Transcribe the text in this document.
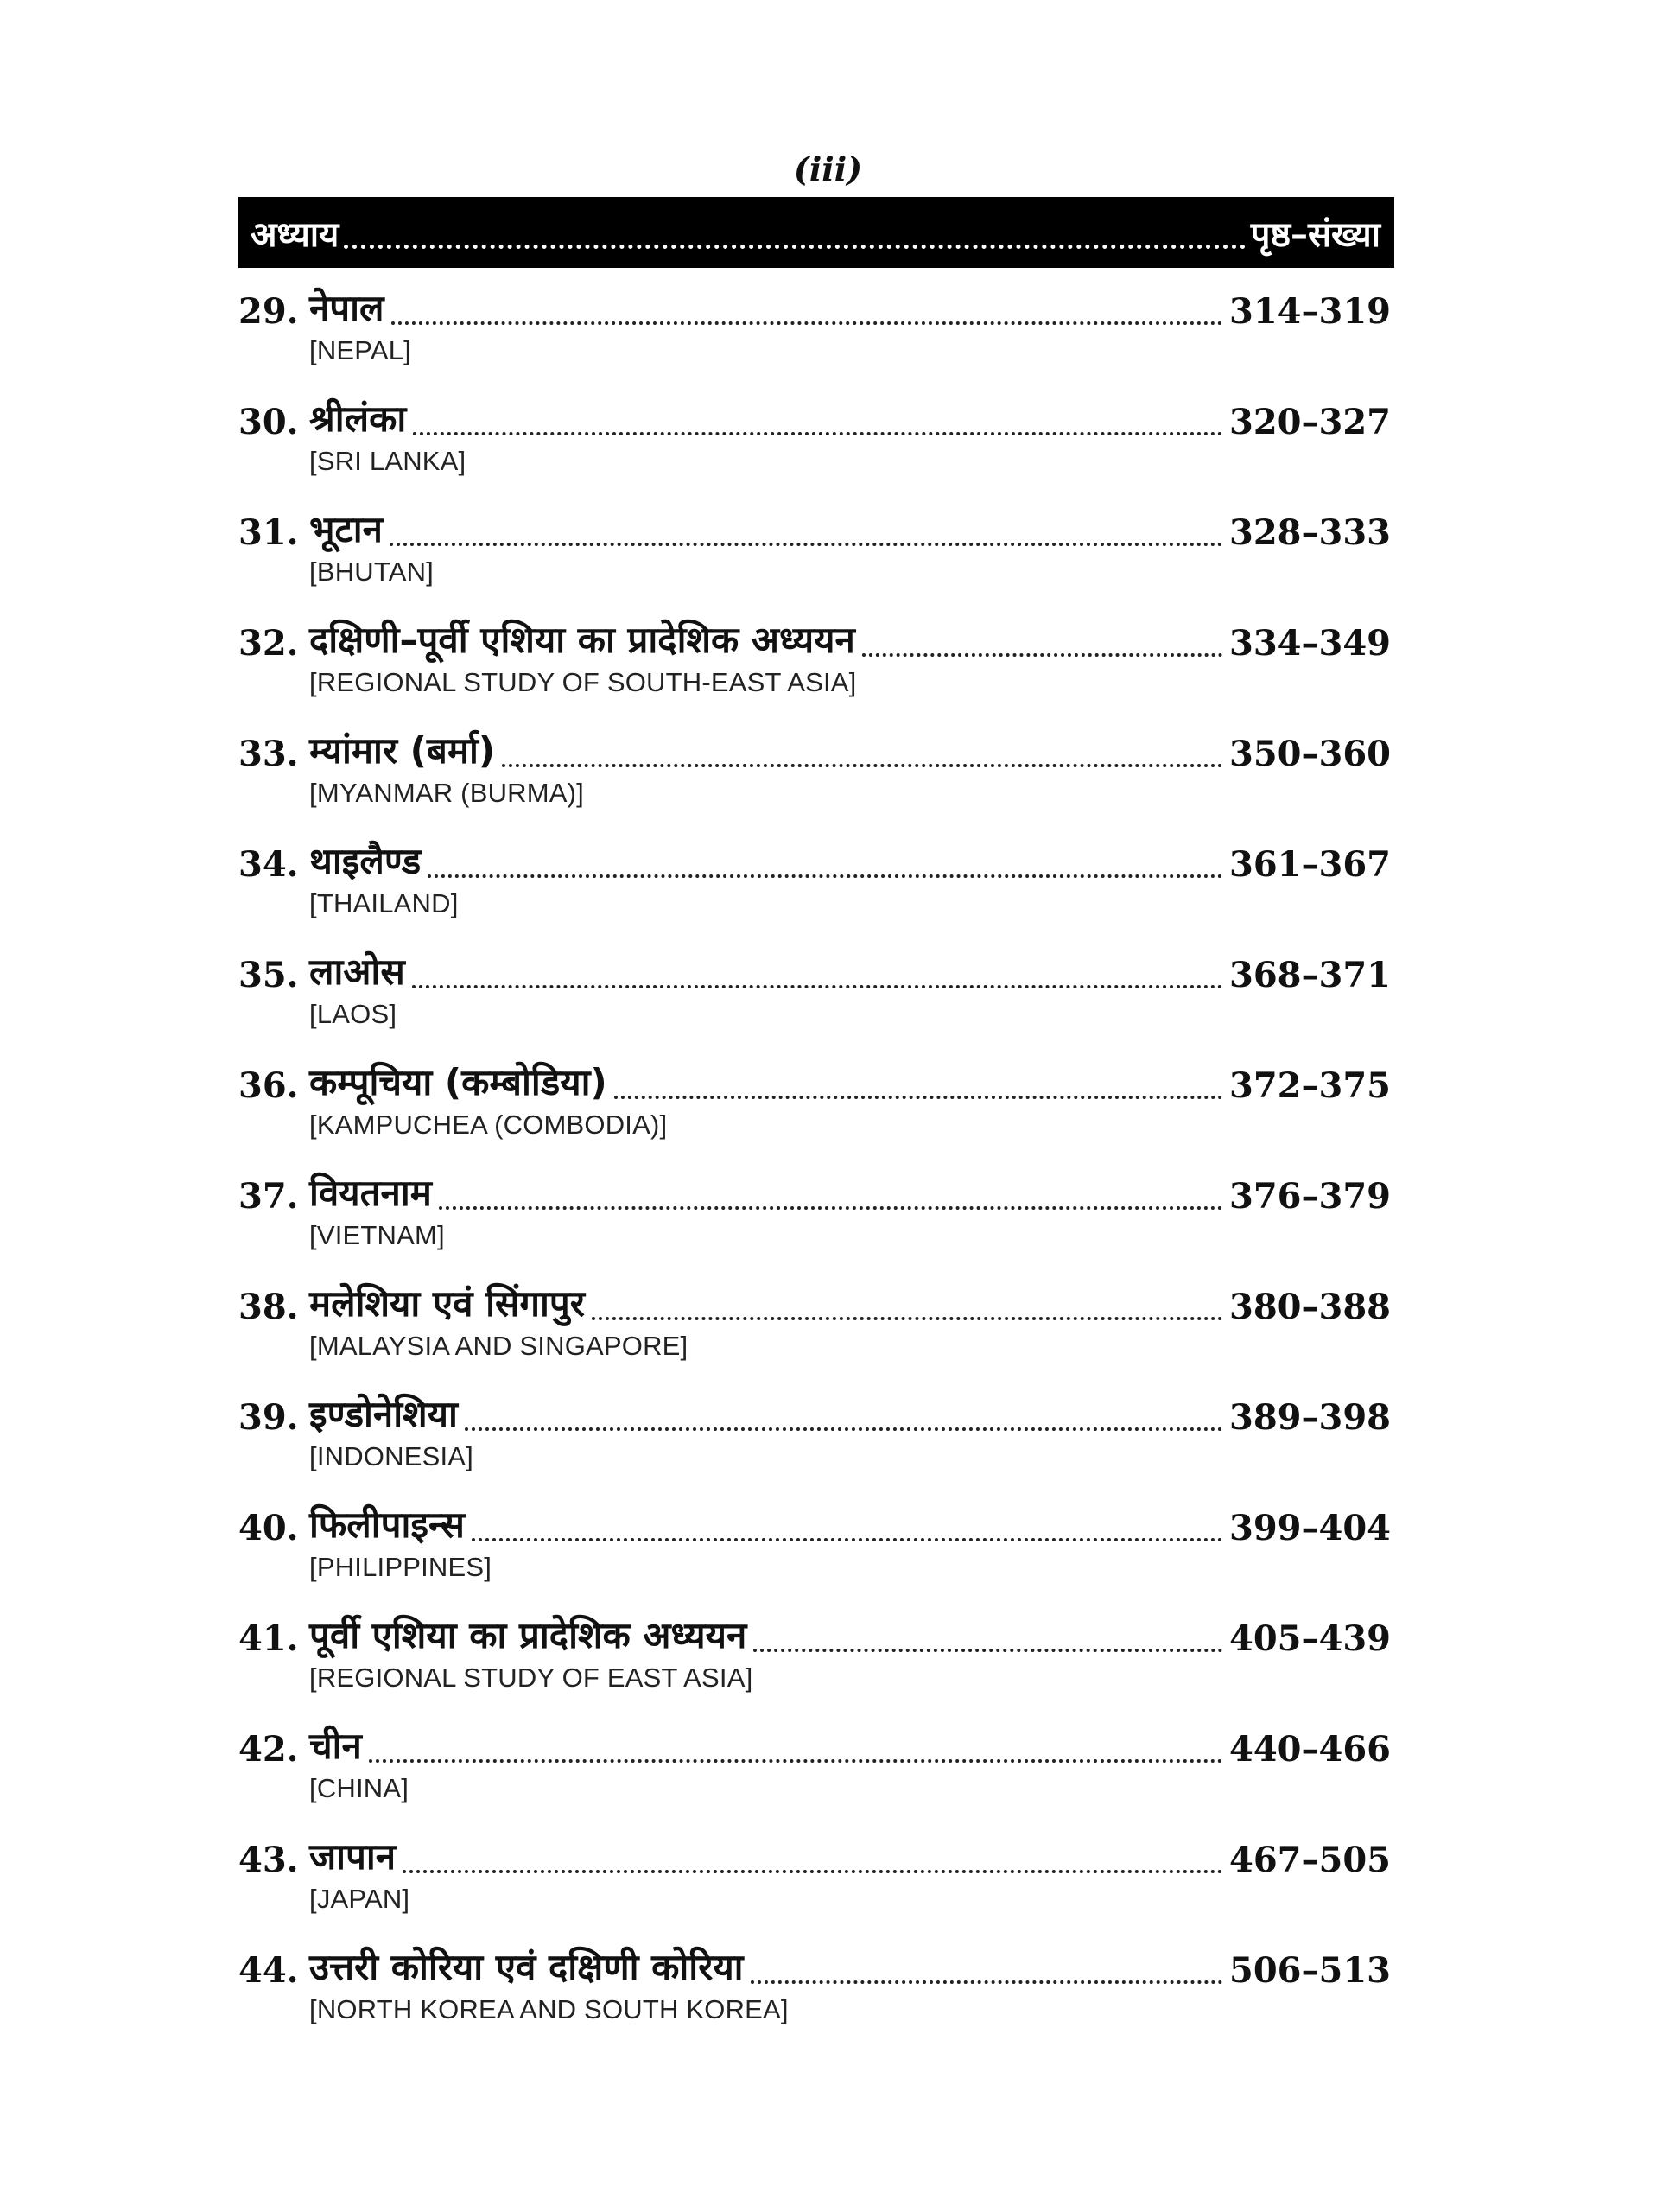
(iii)
अध्याय	पृष्ठ–संख्या
29. नेपाल	314–319
[NEPAL]
30. श्रीलंका	320–327
[SRI LANKA]
31. भूटान	328–333
[BHUTAN]
32. दक्षिणी–पूर्वी एशिया का प्रादेशिक अध्ययन	334–349
[REGIONAL STUDY OF SOUTH-EAST ASIA]
33. म्यांमार (बर्मा)	350–360
[MYANMAR (BURMA)]
34. थाइलैण्ड	361–367
[THAILAND]
35. लाओस	368–371
[LAOS]
36. कम्पूचिया (कम्बोडिया)	372–375
[KAMPUCHEA (COMBODIA)]
37. वियतनाम	376–379
[VIETNAM]
38. मलेशिया एवं सिंगापुर	380–388
[MALAYSIA AND SINGAPORE]
39. इण्डोनेशिया	389–398
[INDONESIA]
40. फिलीपाइन्स	399–404
[PHILIPPINES]
41. पूर्वी एशिया का प्रादेशिक अध्ययन	405–439
[REGIONAL STUDY OF EAST ASIA]
42. चीन	440–466
[CHINA]
43. जापान	467–505
[JAPAN]
44. उत्तरी कोरिया एवं दक्षिणी कोरिया	506–513
[NORTH KOREA AND SOUTH KOREA]
